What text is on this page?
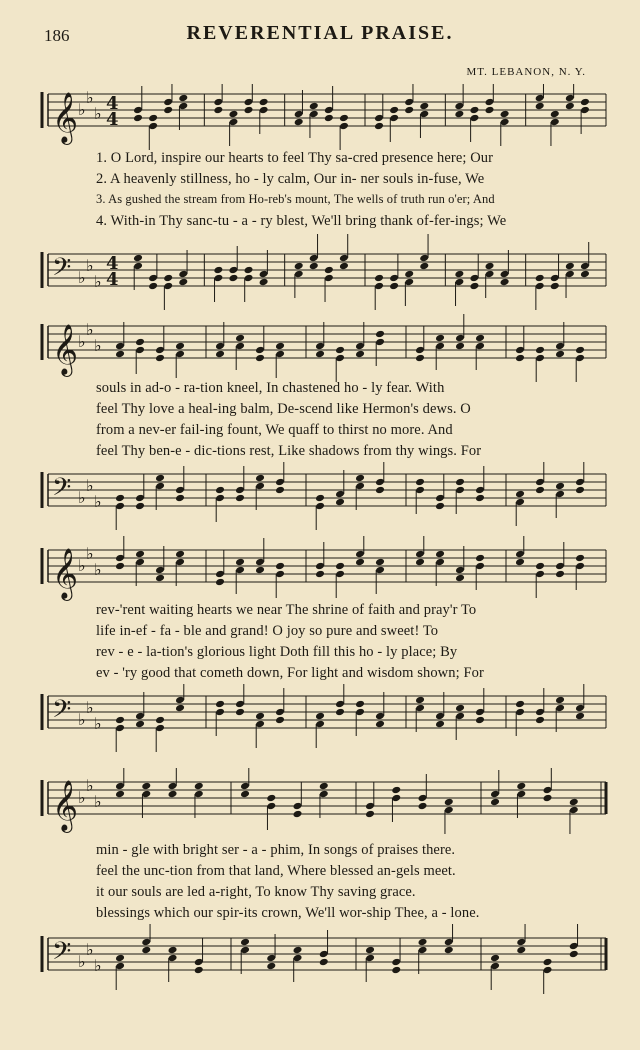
186	REVERENTIAL PRAISE.
MT. LEBANON, N. Y.
𝄞 ♭
♭
♭ 4
4
1. O Lord, inspire our hearts to feel Thy sa-cred presence here; Our
2. A heavenly stillness, ho - ly calm, Our in- ner souls in-fuse, We
3. As gushed the stream from Ho-reb's mount, The wells of truth run o'er; And
4. With-in Thy sanc-tu - a - ry blest, We'll bring thank of-fer-ings; We
𝄢 ♭
♭
♭
4
4
𝄞 ♭
♭
♭
souls in ad-o - ra-tion kneel, In chastened ho - ly fear. With
feel Thy love a heal-ing balm, De-scend like Hermon's dews. O
from a nev-er fail-ing fount, We quaff to thirst no more. And
feel Thy ben-e - dic-tions rest, Like shadows from thy wings. For
𝄢 ♭
♭
♭
𝄞 ♭
♭
♭
rev-'rent waiting hearts we near The shrine of faith and pray'r To
life in-ef - fa - ble and grand! O joy so pure and sweet! To
rev - e - la-tion's glorious light Doth fill this ho - ly place; By
ev - 'ry good that cometh down, For light and wisdom shown; For
𝄢 ♭
♭
♭
𝄞 ♭
♭
♭
min - gle with bright ser - a - phim, In songs of praises there.
feel the unc-tion from that land, Where blessed an-gels meet.
it our souls are led a-right, To know Thy saving grace.
blessings which our spir-its crown, We'll wor-ship Thee, a - lone.
𝄢 ♭
♭
♭
